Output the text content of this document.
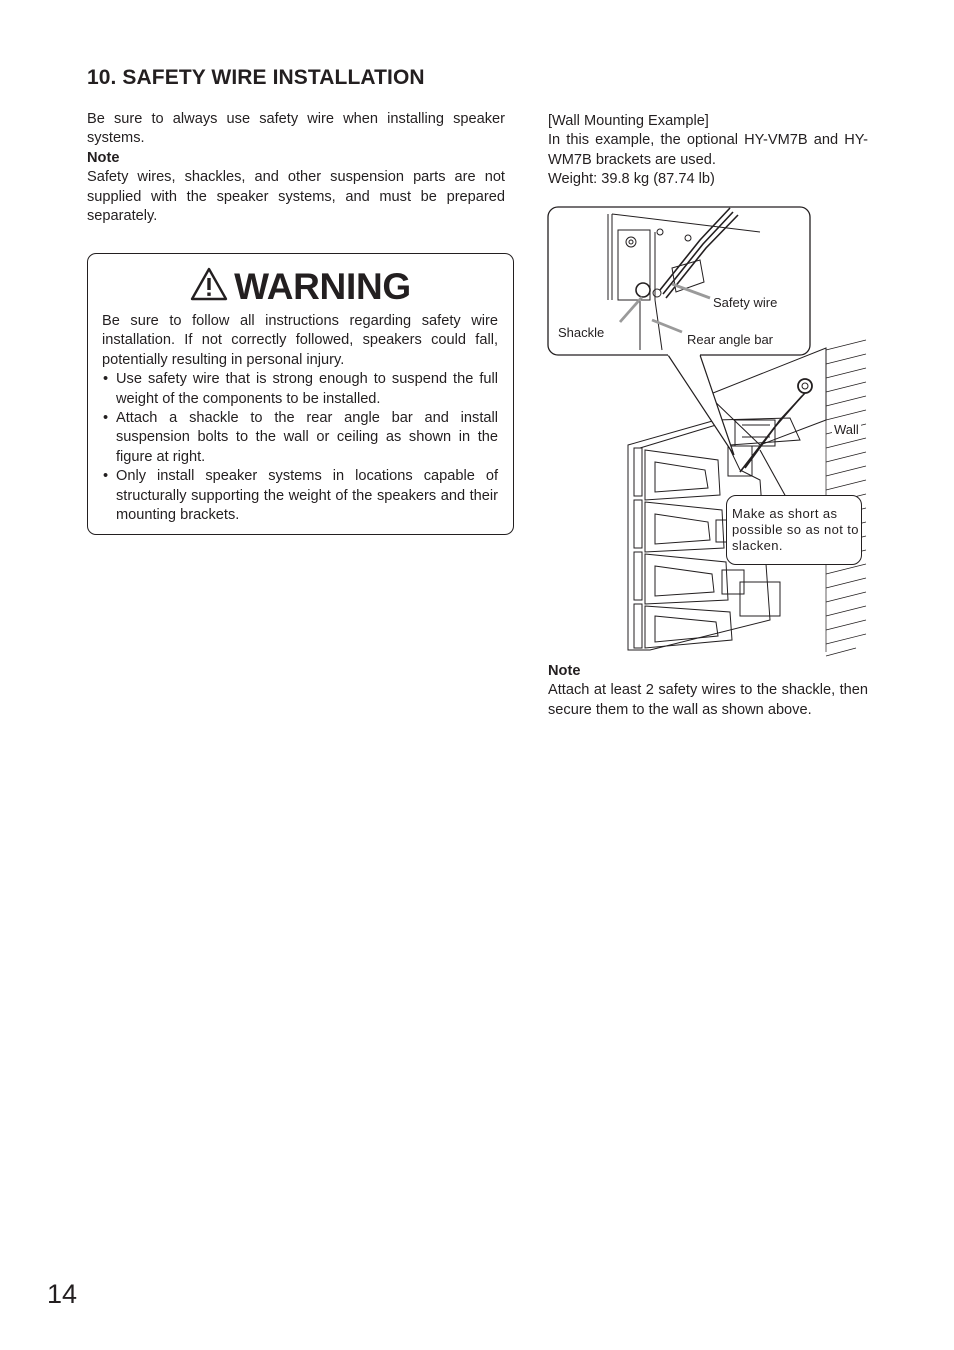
10. SAFETY WIRE INSTALLATION
Be sure to always use safety wire when installing speaker systems.
Note
Safety wires, shackles, and other suspension parts are not supplied with the speaker systems, and must be prepared separately.
WARNING
Be sure to follow all instructions regarding safety wire installation. If not correctly followed, speakers could fall, potentially resulting in personal injury.
• Use safety wire that is strong enough to suspend the full weight of the components to be installed.
• Attach a shackle to the rear angle bar and install suspension bolts to the wall or ceiling as shown in the figure at right.
• Only install speaker systems in locations capable of structurally supporting the weight of the speakers and their mounting brackets.
[Wall Mounting Example]
In this example, the optional HY-VM7B and HY-WM7B brackets are used.
Weight: 39.8 kg (87.74 lb)
Safety wire
Shackle	Rear angle bar
Wall
Make as short as possible so as not to slacken.
Note
Attach at least 2 safety wires to the shackle, then secure them to the wall as shown above.
14
